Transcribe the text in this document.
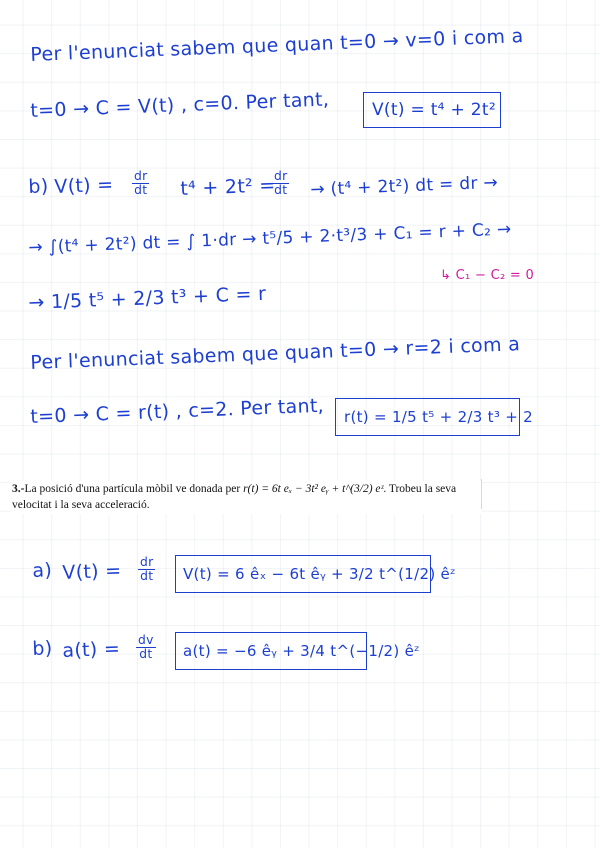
Per l'enunciat sabem que quan t=0 → v=0 i com a
t=0 → C = V(t) , c=0. Per tant, V(t) = t⁴ + 2t²
b) $V(t) = \frac{dr}{dt} t^4 + 2t^2$ =
$\frac{dr}{dt} \to (t^4 + 2t^2)$ dt = dr →
→ ∫(t⁴ + 2t²) dt = ∫ 1·dr → t⁵/5 + 2·t³/3 + C₁ = r + C₂ →
↳ C₁ − C₂ = 0
→ 1/5 t⁵ + 2/3 t³ + C = r
Per l'enunciat sabem que quan t=0 → r=2 i com a
t=0 → C = r(t) , c=2. Per tant, r(t) = 1/5 t⁵ + 2/3 t³ + 2
3.-La posició d'una partícula mòbil ve donada per r(t) = 6t eₓ − 3t² eᵧ + t^(3/2) eᶻ. Trobeu la seva velocitat i la seva acceleració.
a) $V(t) = \frac{dr}{dt} V(t) = 6$ êₓ − 6t êᵧ + 3/2 t^(1/2) êᶻ
b) $a(t) = \frac{dv}{dt} a(t) = -6$ êᵧ + 3/4 t^(−1/2) êᶻ
